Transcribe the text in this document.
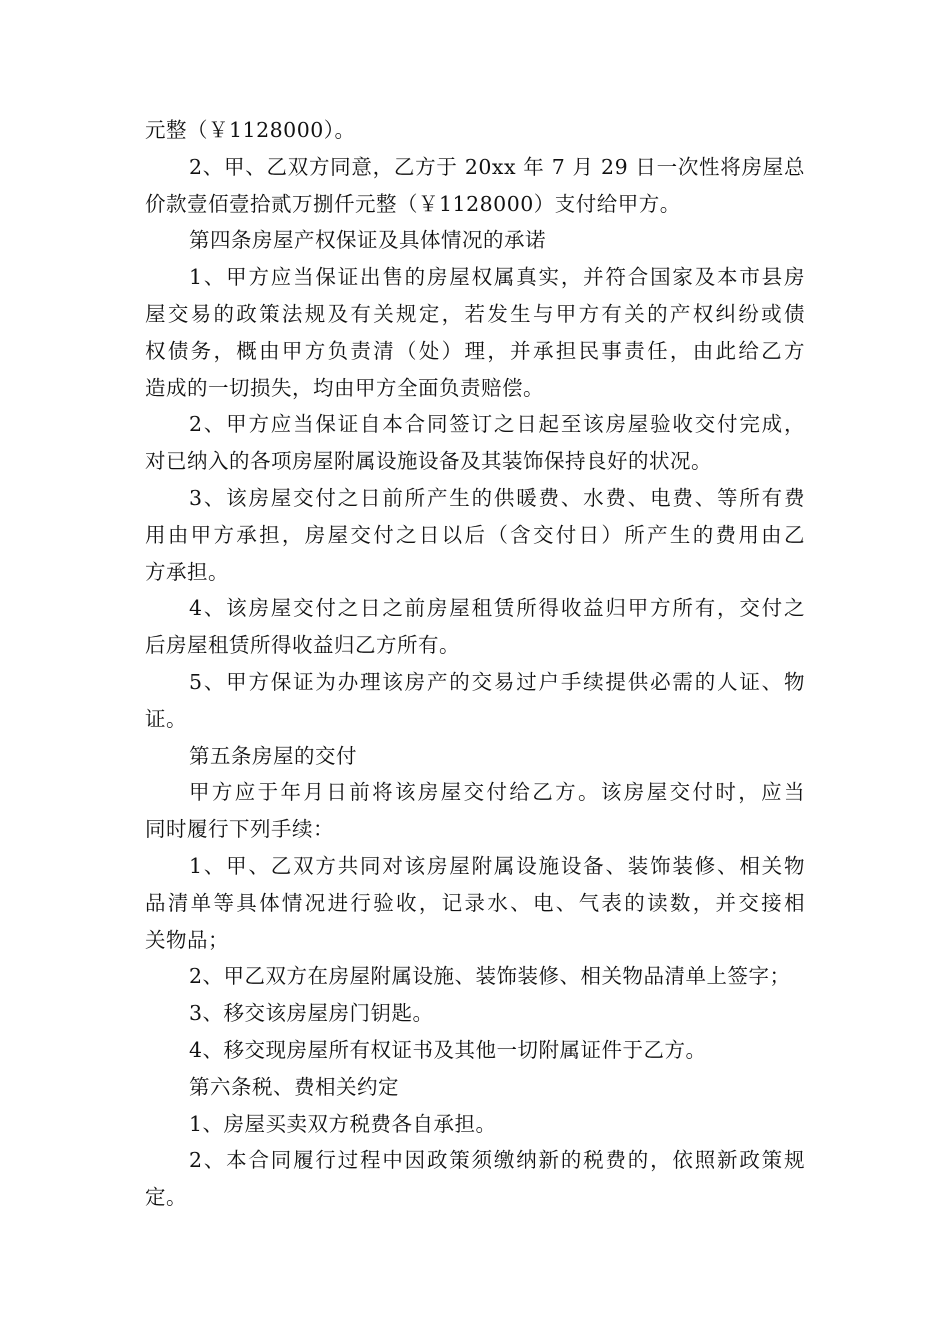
元整（￥1128000）。
2、甲、乙双方同意，乙方于 20xx 年 7 月 29 日一次性将房屋总
价款壹佰壹拾贰万捌仟元整（￥1128000）支付给甲方。
第四条房屋产权保证及具体情况的承诺
1、甲方应当保证出售的房屋权属真实，并符合国家及本市县房
屋交易的政策法规及有关规定，若发生与甲方有关的产权纠纷或债
权债务，概由甲方负责清（处）理，并承担民事责任，由此给乙方
造成的一切损失，均由甲方全面负责赔偿。
2、甲方应当保证自本合同签订之日起至该房屋验收交付完成，
对已纳入的各项房屋附属设施设备及其装饰保持良好的状况。
3、该房屋交付之日前所产生的供暖费、水费、电费、等所有费
用由甲方承担，房屋交付之日以后（含交付日）所产生的费用由乙
方承担。
4、该房屋交付之日之前房屋租赁所得收益归甲方所有，交付之
后房屋租赁所得收益归乙方所有。
5、甲方保证为办理该房产的交易过户手续提供必需的人证、物
证。
第五条房屋的交付
甲方应于年月日前将该房屋交付给乙方。该房屋交付时，应当
同时履行下列手续：
1、甲、乙双方共同对该房屋附属设施设备、装饰装修、相关物
品清单等具体情况进行验收，记录水、电、气表的读数，并交接相
关物品；
2、甲乙双方在房屋附属设施、装饰装修、相关物品清单上签字；
3、移交该房屋房门钥匙。
4、移交现房屋所有权证书及其他一切附属证件于乙方。
第六条税、费相关约定
1、房屋买卖双方税费各自承担。
2、本合同履行过程中因政策须缴纳新的税费的，依照新政策规
定。
